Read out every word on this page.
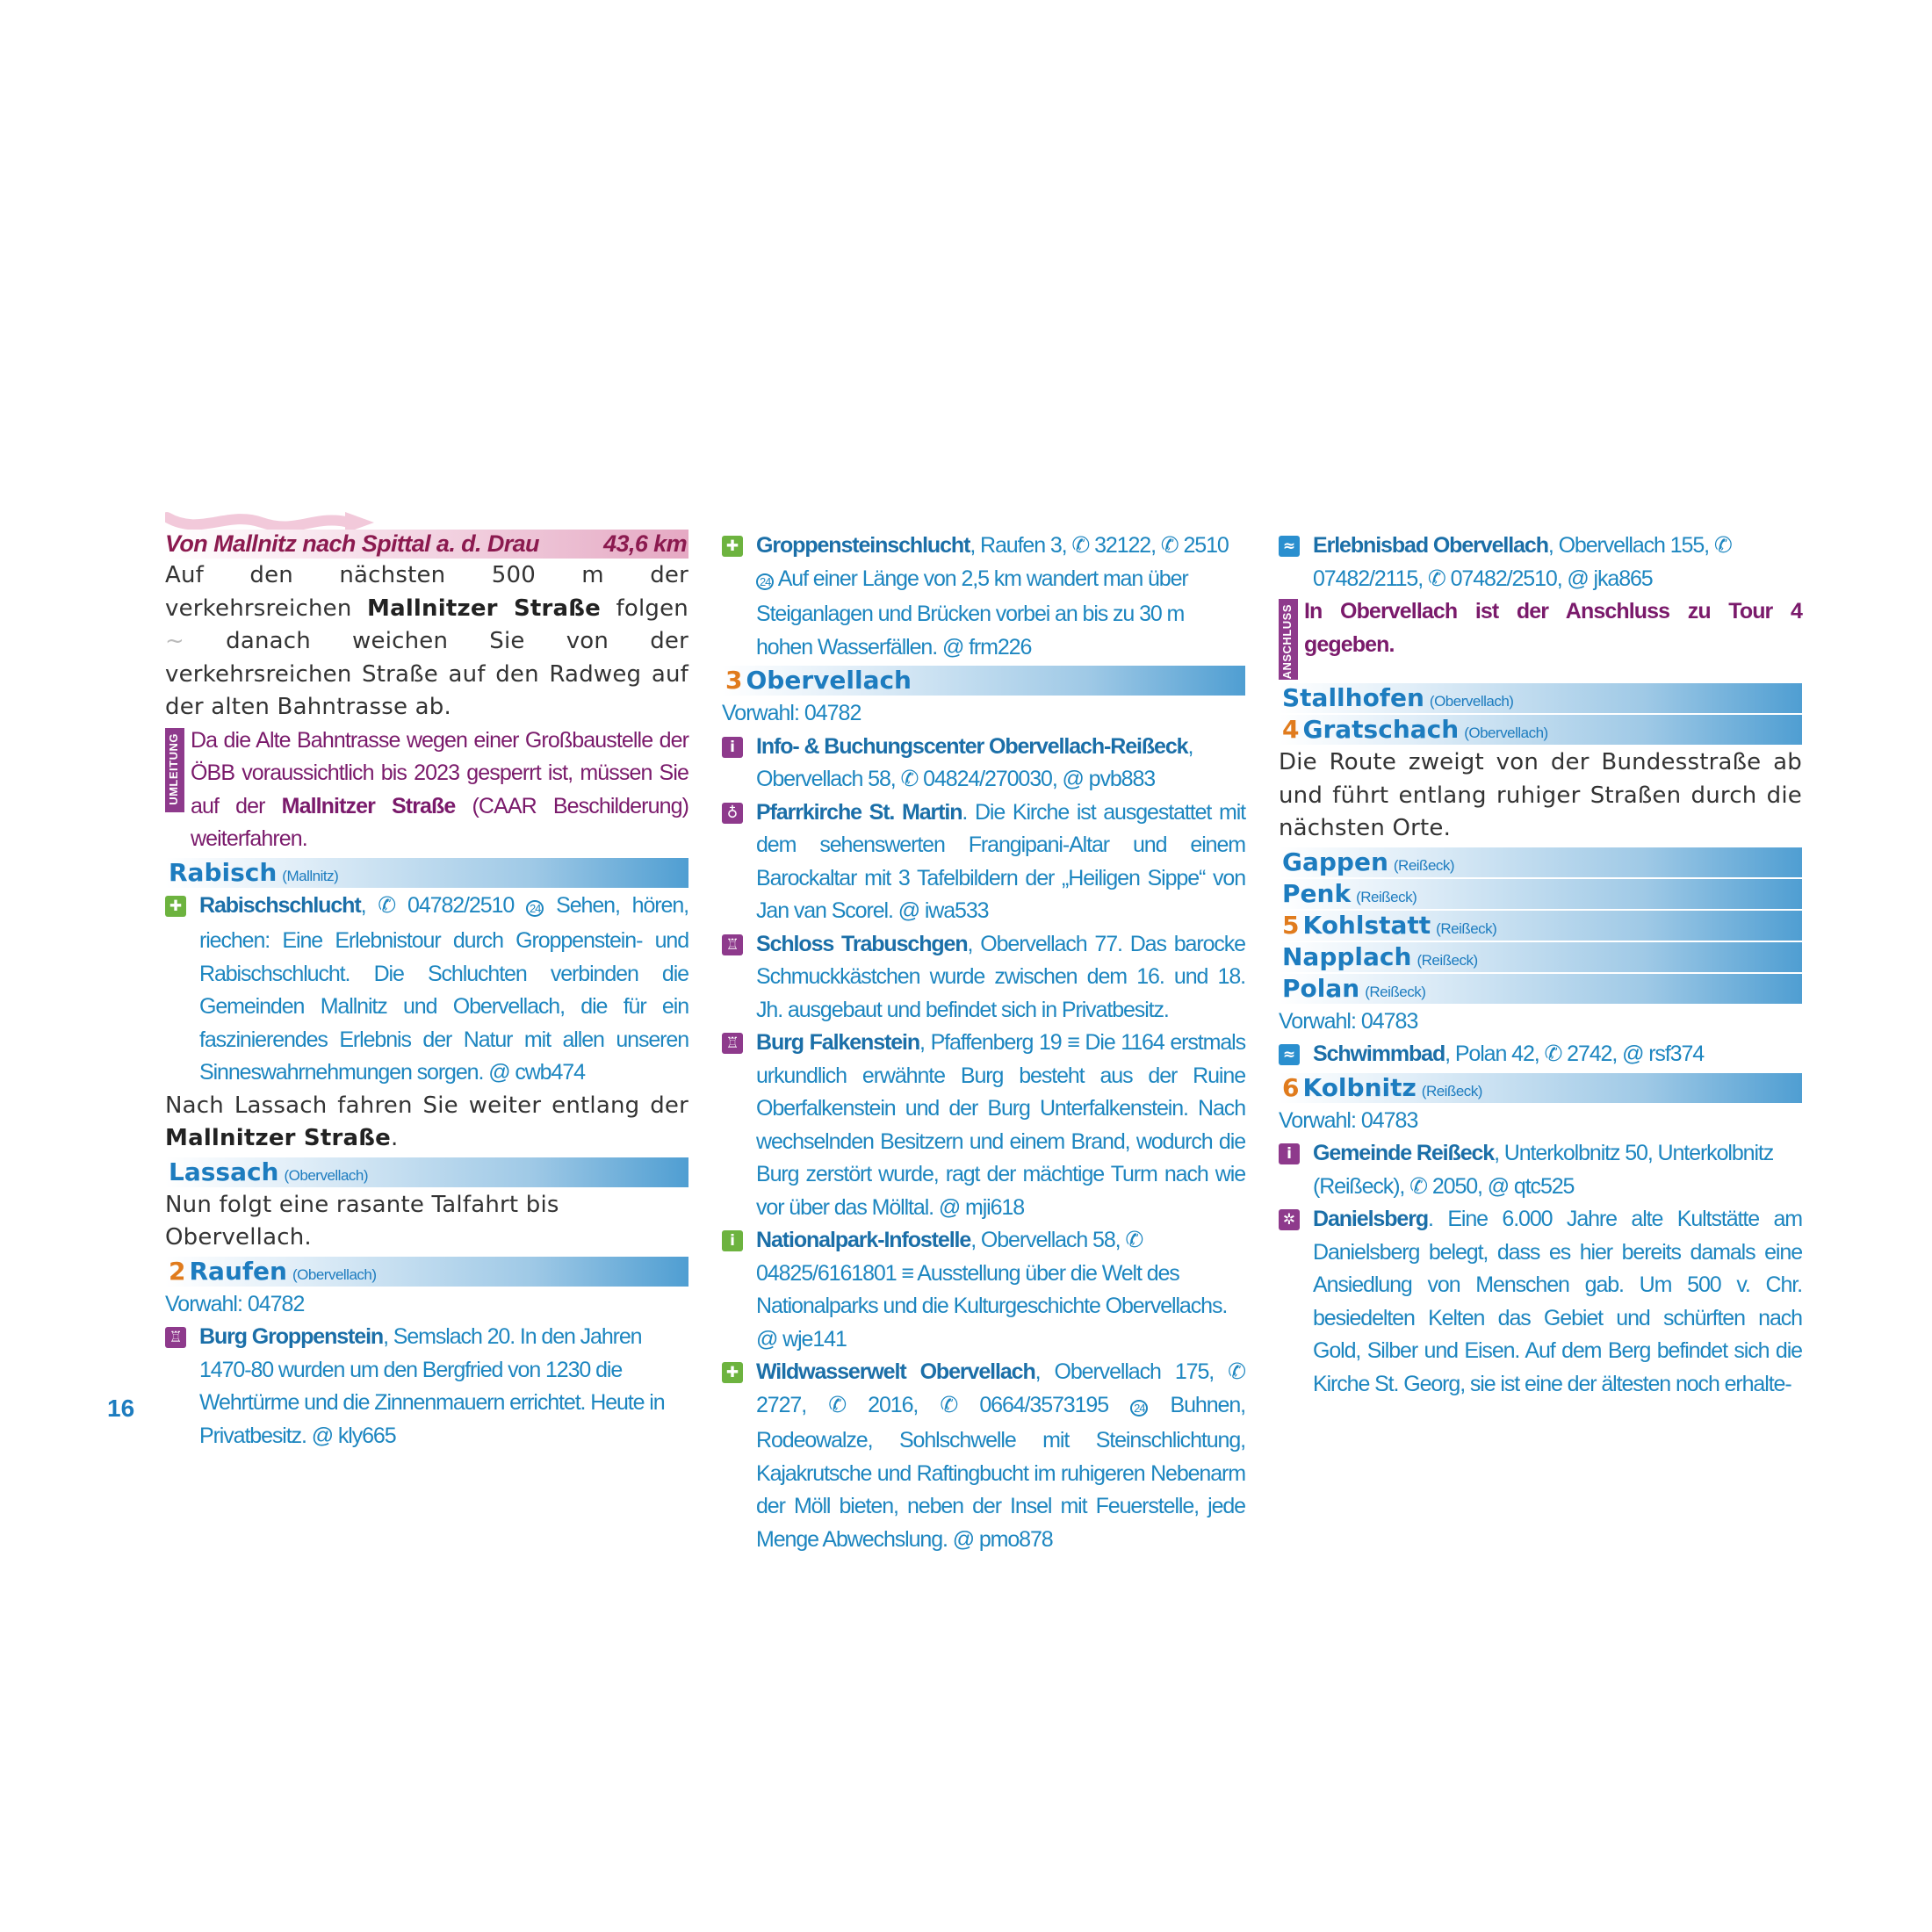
Von Mallnitz nach Spittal a. d. Drau	43,6 km

Auf den nächsten 500 m der verkehrsreichen Mallnitzer Straße folgen ~ danach weichen Sie von der verkehrsreichen Straße auf den Radweg auf der alten Bahntrasse ab.

UMLEITUNG Da die Alte Bahntrasse wegen einer Großbaustelle der ÖBB voraussichtlich bis 2023 gesperrt ist, müssen Sie auf der Mallnitzer Straße (CAAR Beschilderung) weiterfahren.

Rabisch (Mallnitz)
✚ Rabischschlucht, ✆ 04782/2510 24 Sehen, hören, riechen: Eine Erlebnistour durch Groppenstein- und Rabischschlucht. Die Schluchten verbinden die Gemeinden Mallnitz und Obervellach, die für ein faszinierendes Erlebnis der Natur mit allen unseren Sinneswahrnehmungen sorgen. @ cwb474

Nach Lassach fahren Sie weiter entlang der Mallnitzer Straße.

Lassach (Obervellach)

Nun folgt eine rasante Talfahrt bis Obervellach.

2 Raufen (Obervellach)

Vorwahl: 04782

♖ Burg Groppenstein, Semslach 20. In den Jahren 1470-80 wurden um den Bergfried von 1230 die Wehrtürme und die Zinnenmauern errichtet. Heute in Privatbesitz. @ kly665

✚ Groppensteinschlucht, Raufen 3, ✆ 32122, ✆ 2510 24 Auf einer Länge von 2,5 km wandert man über Steiganlagen und Brücken vorbei an bis zu 30 m hohen Wasserfällen. @ frm226

3 Obervellach

Vorwahl: 04782

i Info- & Buchungscenter Obervellach-Reißeck, Obervellach 58, ✆ 04824/270030, @ pvb883

♁ Pfarrkirche St. Martin. Die Kirche ist ausgestattet mit dem sehenswerten Frangipani-Altar und einem Barockaltar mit 3 Tafelbildern der „Heiligen Sippe“ von Jan van Scorel. @ iwa533

♖ Schloss Trabuschgen, Obervellach 77. Das barocke Schmuckkästchen wurde zwischen dem 16. und 18. Jh. ausgebaut und befindet sich in Privatbesitz.

♖ Burg Falkenstein, Pfaffenberg 19 ≡ Die 1164 erstmals urkundlich erwähnte Burg besteht aus der Ruine Oberfalkenstein und der Burg Unterfalkenstein. Nach wechselnden Besitzern und einem Brand, wodurch die Burg zerstört wurde, ragt der mächtige Turm nach wie vor über das Mölltal. @ mji618

i Nationalpark-Infostelle, Obervellach 58, ✆ 04825/6161801 ≡ Ausstellung über die Welt des Nationalparks und die Kulturgeschichte Obervellachs. @ wje141

✚ Wildwasserwelt Obervellach, Obervellach 175, ✆ 2727, ✆ 2016, ✆ 0664/3573195 24 Buhnen, Rodeowalze, Sohlschwelle mit Steinschlichtung, Kajakrutsche und Raftingbucht im ruhigeren Nebenarm der Möll bieten, neben der Insel mit Feuerstelle, jede Menge Abwechslung. @ pmo878

≈ Erlebnisbad Obervellach, Obervellach 155, ✆ 07482/2115, ✆ 07482/2510, @ jka865

ANSCHLUSS In Obervellach ist der Anschluss zu Tour 4 gegeben.

Stallhofen (Obervellach)
4 Gratschach (Obervellach)

Die Route zweigt von der Bundesstraße ab und führt entlang ruhiger Straßen durch die nächsten Orte.

Gappen (Reißeck)
Penk (Reißeck)
5 Kohlstatt (Reißeck)
Napplach (Reißeck)
Polan (Reißeck)

Vorwahl: 04783

≈ Schwimmbad, Polan 42, ✆ 2742, @ rsf374

6 Kolbnitz (Reißeck)

Vorwahl: 04783

i Gemeinde Reißeck, Unterkolbnitz 50, Unterkolbnitz (Reißeck), ✆ 2050, @ qtc525

✲ Danielsberg. Eine 6.000 Jahre alte Kultstätte am Danielsberg belegt, dass es hier bereits damals eine Ansiedlung von Menschen gab. Um 500 v. Chr. besiedelten Kelten das Gebiet und schürften nach Gold, Silber und Eisen. Auf dem Berg befindet sich die Kirche St. Georg, sie ist eine der ältesten noch erhalte-

16
